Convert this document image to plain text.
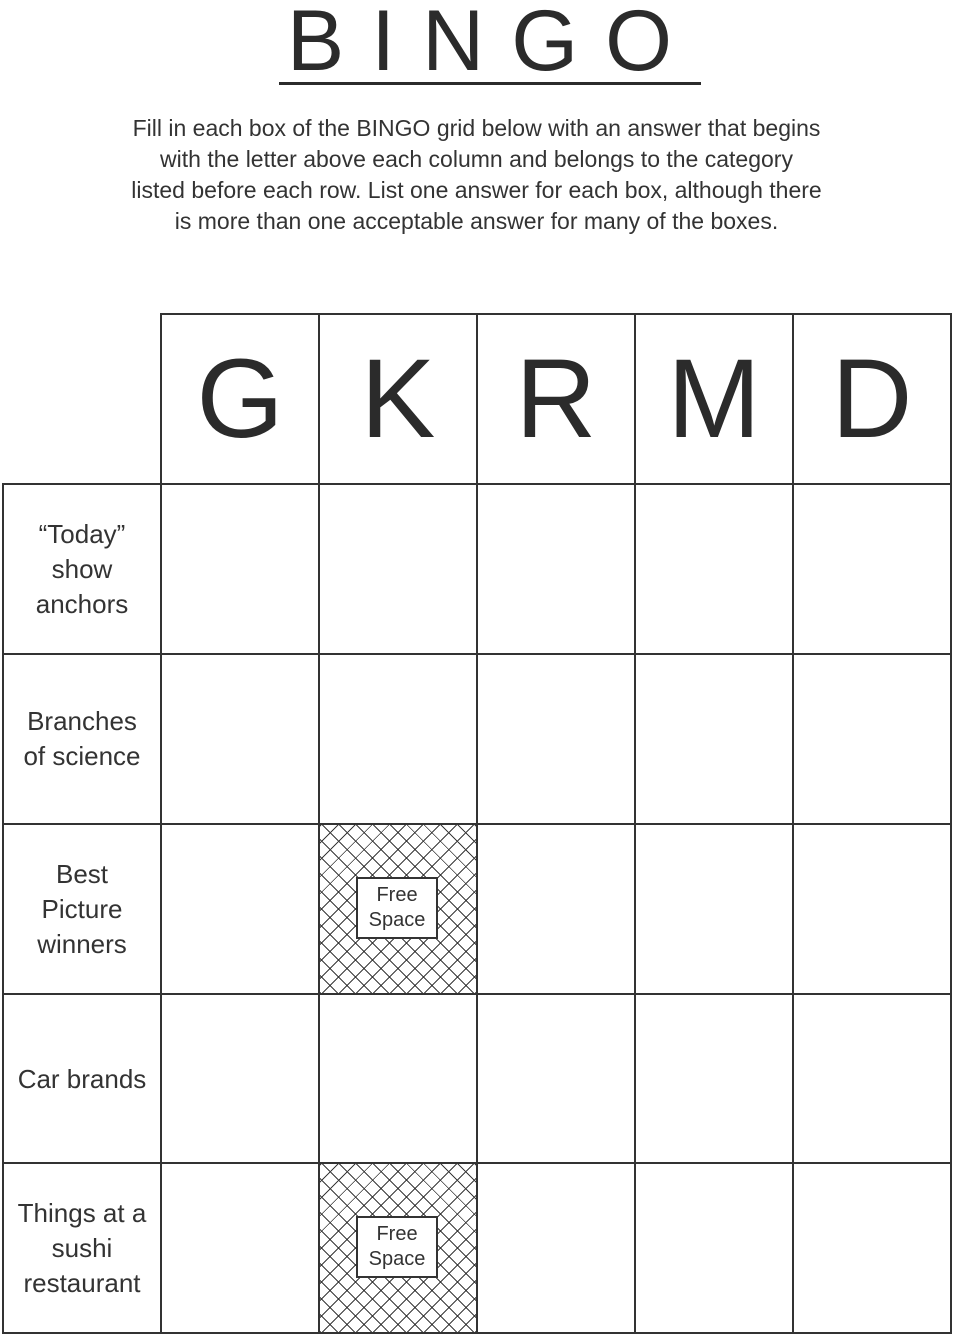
BINGO
Fill in each box of the BINGO grid below with an answer that begins
with the letter above each column and belongs to the category
listed before each row. List one answer for each box, although there
is more than one acceptable answer for many of the boxes.
G K R M D
“Today” show anchors
Branches of science
Best Picture winners
Free
Space
Car brands
Things at a sushi restaurant
Free
Space
